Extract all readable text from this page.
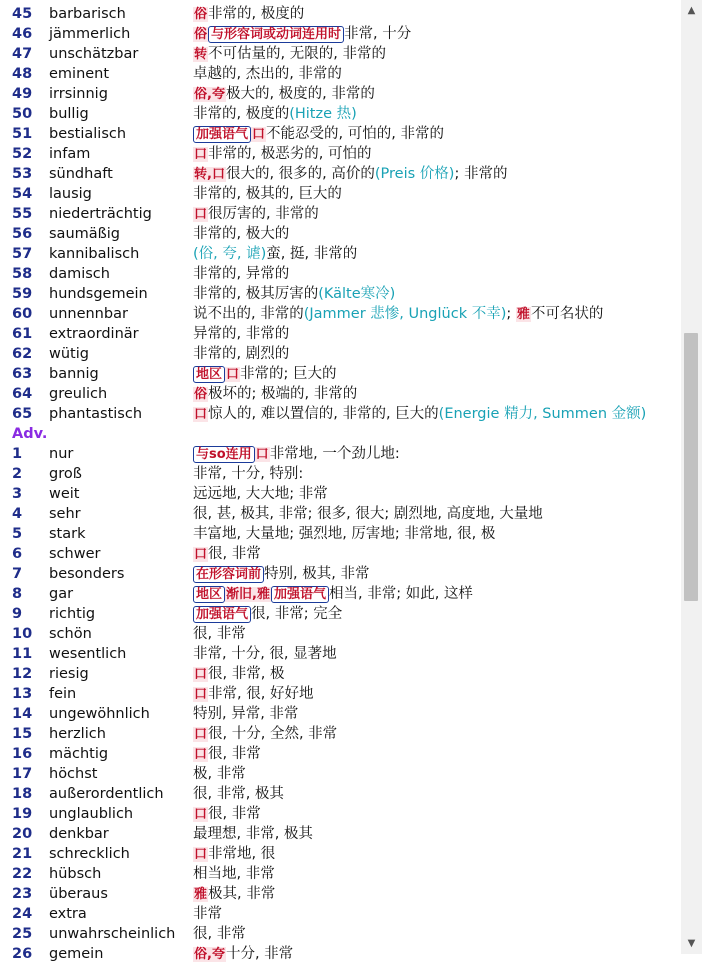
45	barbarisch	俗非常的, 极度的
46	jämmerlich	俗 与形容词或动词连用时 非常, 十分
47	unschätzbar	转不可估量的, 无限的, 非常的
48	eminent	卓越的, 杰出的, 非常的
49	irrsinnig	俗,夸极大的, 极度的, 非常的
50	bullig	非常的, 极度的(Hitze 热)
51	bestialisch	加强语气 口不能忍受的, 可怕的, 非常的
52	infam	口非常的, 极恶劣的, 可怕的
53	sündhaft	转,口很大的, 很多的, 高价的(Preis 价格); 非常的
54	lausig	非常的, 极其的, 巨大的
55	niederträchtig	口很厉害的, 非常的
56	saumäßig	非常的, 极大的
57	kannibalisch	(俗, 夸, 谑)蛮, 挺, 非常的
58	damisch	非常的, 异常的
59	hundsgemein	非常的, 极其厉害的(Kälte寒冷)
60	unnennbar	说不出的, 非常的(Jammer 悲惨, Unglück 不幸); 雅不可名状的
61	extraordinär	异常的, 非常的
62	wütig	非常的, 剧烈的
63	bannig	地区 口非常的; 巨大的
64	greulich	俗极坏的; 极端的, 非常的
65	phantastisch	口惊人的, 难以置信的, 非常的, 巨大的(Energie 精力, Summen 金额)
Adv.
1	nur	与so连用 口非常地, 一个劲儿地:
2	groß	非常, 十分, 特别:
3	weit	远远地, 大大地; 非常
4	sehr	很, 甚, 极其, 非常; 很多, 很大; 剧烈地, 高度地, 大量地
5	stark	丰富地, 大量地; 强烈地, 厉害地; 非常地, 很, 极
6	schwer	口很, 非常
7	besonders	在形容词前 特别, 极其, 非常
8	gar	地区 渐旧,雅 加强语气 相当, 非常; 如此, 这样
9	richtig	加强语气 很, 非常; 完全
10	schön	很, 非常
11	wesentlich	非常, 十分, 很, 显著地
12	riesig	口很, 非常, 极
13	fein	口非常, 很, 好好地
14	ungewöhnlich	特别, 异常, 非常
15	herzlich	口很, 十分, 全然, 非常
16	mächtig	口很, 非常
17	höchst	极, 非常
18	außerordentlich 很, 非常, 极其
19	unglaublich	口很, 非常
20	denkbar	最理想, 非常, 极其
21	schrecklich	口非常地, 很
22	hübsch	相当地, 非常
23	überaus	雅极其, 非常
24	extra	非常
25	unwahrscheinlich 很, 非常
26	gemein	俗,夸十分, 非常
▲
▼
